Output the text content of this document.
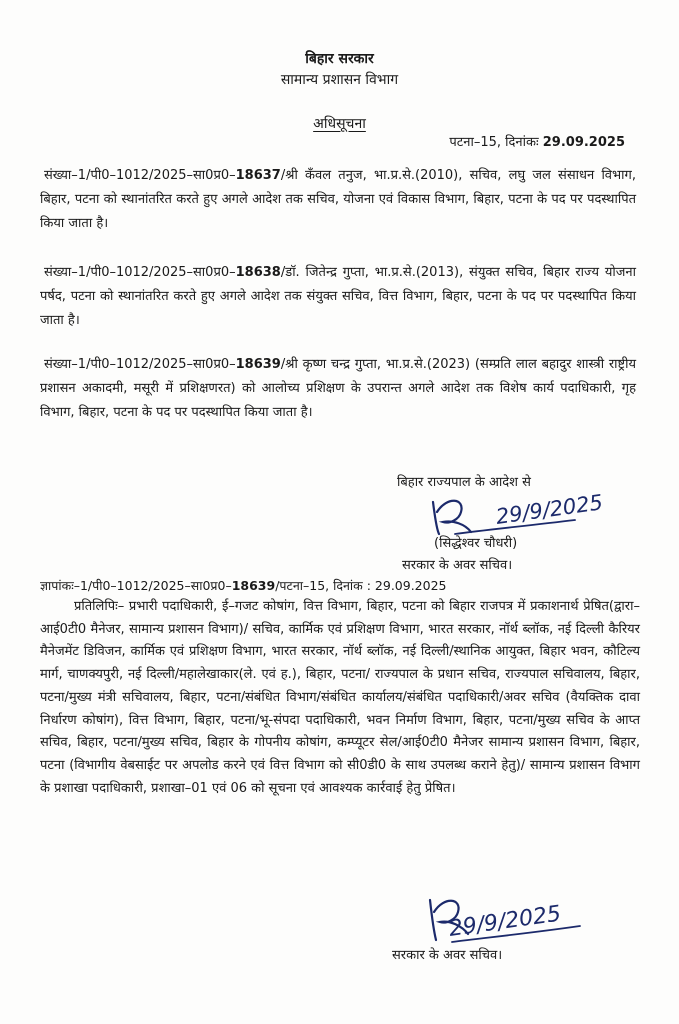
बिहार सरकार
सामान्य प्रशासन विभाग
अधिसूचना
पटना–15, दिनांकः 29.09.2025
संख्या–1/पी0–1012/2025–सा0प्र0–18637/श्री कँवल तनुज, भा.प्र.से.(2010), सचिव, लघु जल संसाधन विभाग, बिहार, पटना को स्थानांतरित करते हुए अगले आदेश तक सचिव, योजना एवं विकास विभाग, बिहार, पटना के पद पर पदस्थापित किया जाता है।
संख्या–1/पी0–1012/2025–सा0प्र0–18638/डॉ. जितेन्द्र गुप्ता, भा.प्र.से.(2013), संयुक्त सचिव, बिहार राज्य योजना पर्षद, पटना को स्थानांतरित करते हुए अगले आदेश तक संयुक्त सचिव, वित्त विभाग, बिहार, पटना के पद पर पदस्थापित किया जाता है।
संख्या–1/पी0–1012/2025–सा0प्र0–18639/श्री कृष्ण चन्द्र गुप्ता, भा.प्र.से.(2023) (सम्प्रति लाल बहादुर शास्त्री राष्ट्रीय प्रशासन अकादमी, मसूरी में प्रशिक्षणरत) को आलोच्य प्रशिक्षण के उपरान्त अगले आदेश तक विशेष कार्य पदाधिकारी, गृह विभाग, बिहार, पटना के पद पर पदस्थापित किया जाता है।
बिहार राज्यपाल के आदेश से
29/9/2025
(सिद्धेश्वर चौधरी)
सरकार के अवर सचिव।
ज्ञापांकः–1/पी0–1012/2025–सा0प्र0–18639/पटना–15, दिनांक : 29.09.2025
प्रतिलिपिः– प्रभारी पदाधिकारी, ई–गजट कोषांग, वित्त विभाग, बिहार, पटना को बिहार राजपत्र में प्रकाशनार्थ प्रेषित(द्वारा–आई0टी0 मैनेजर, सामान्य प्रशासन विभाग)/ सचिव, कार्मिक एवं प्रशिक्षण विभाग, भारत सरकार, नॉर्थ ब्लॉक, नई दिल्ली कैरियर मैनेजमेंट डिविजन, कार्मिक एवं प्रशिक्षण विभाग, भारत सरकार, नॉर्थ ब्लॉक, नई दिल्ली/स्थानिक आयुक्त, बिहार भवन, कौटिल्य मार्ग, चाणक्यपुरी, नई दिल्ली/महालेखाकार(ले. एवं ह.), बिहार, पटना/ राज्यपाल के प्रधान सचिव, राज्यपाल सचिवालय, बिहार, पटना/मुख्य मंत्री सचिवालय, बिहार, पटना/संबंधित विभाग/संबंधित कार्यालय/संबंधित पदाधिकारी/अवर सचिव (वैयक्तिक दावा निर्धारण कोषांग), वित्त विभाग, बिहार, पटना/भू-संपदा पदाधिकारी, भवन निर्माण विभाग, बिहार, पटना/मुख्य सचिव के आप्त सचिव, बिहार, पटना/मुख्य सचिव, बिहार के गोपनीय कोषांग, कम्प्यूटर सेल/आई0टी0 मैनेजर सामान्य प्रशासन विभाग, बिहार, पटना (विभागीय वेबसाईट पर अपलोड करने एवं वित्त विभाग को सी0डी0 के साथ उपलब्ध कराने हेतु)/ सामान्य प्रशासन विभाग के प्रशाखा पदाधिकारी, प्रशाखा–01 एवं 06 को सूचना एवं आवश्यक कार्रवाई हेतु प्रेषित।
29/9/2025
सरकार के अवर सचिव।
